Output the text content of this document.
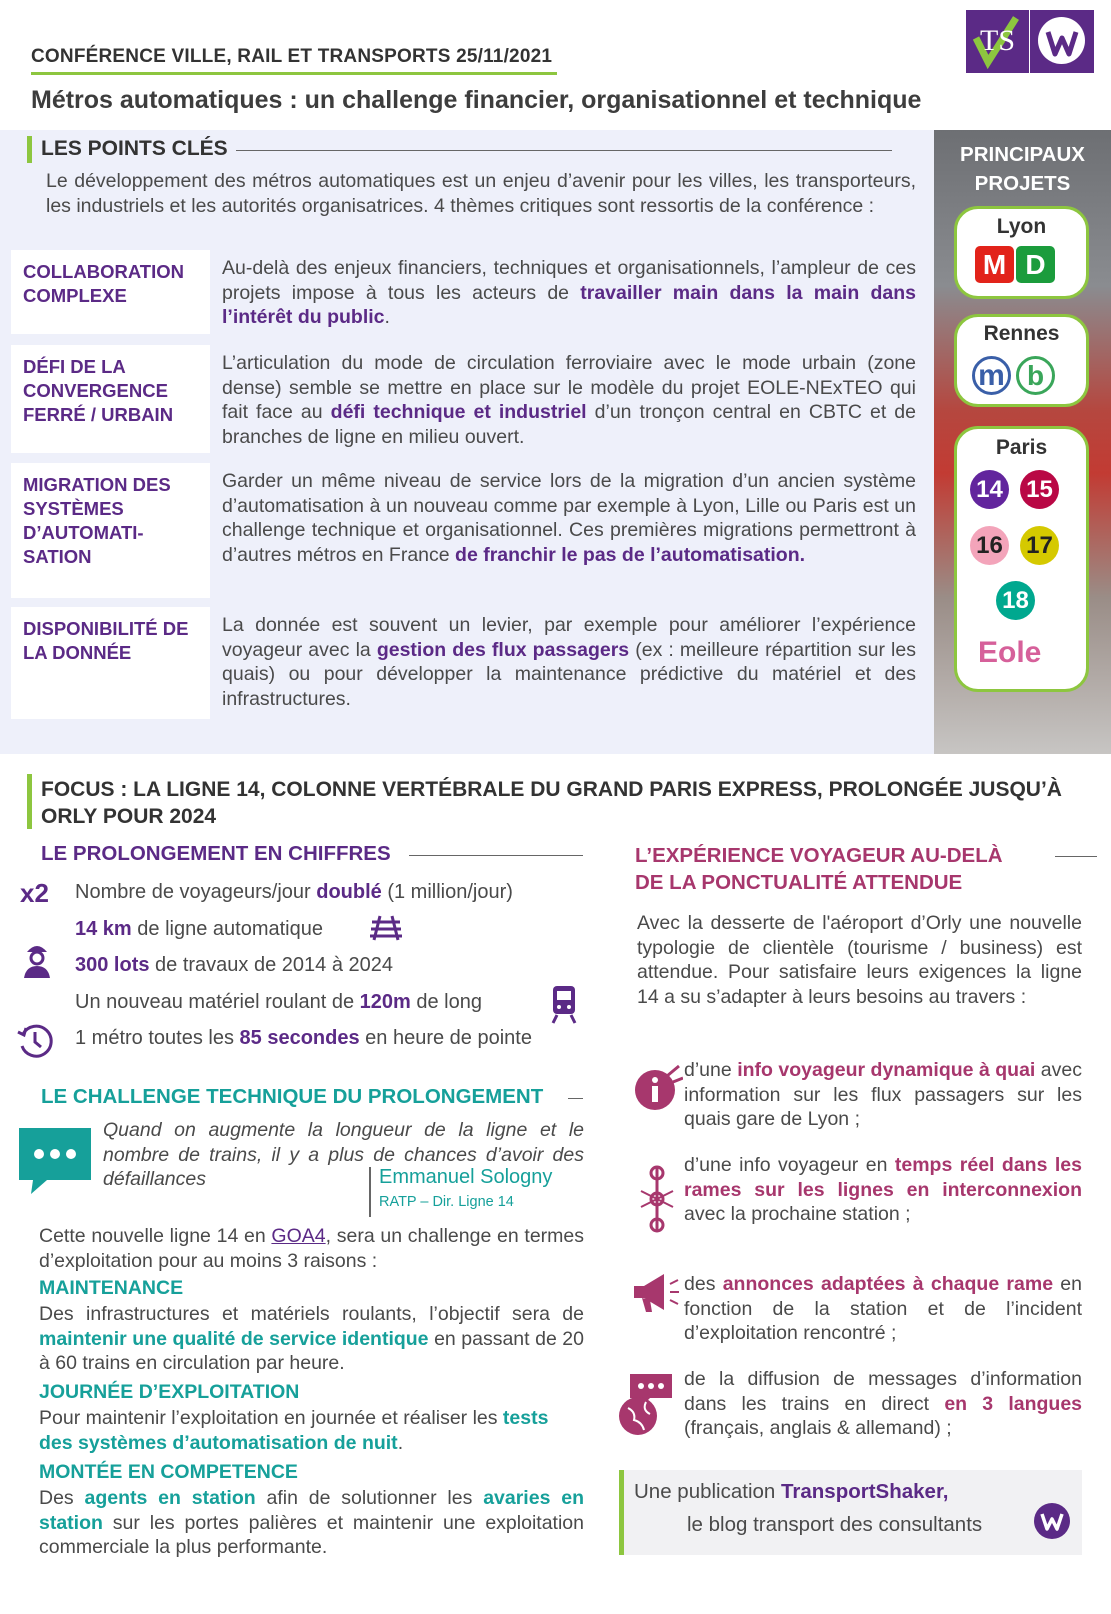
CONFÉRENCE VILLE, RAIL ET TRANSPORTS 25/11/2021
Métros automatiques : un challenge financier, organisationnel et technique
TS
LES POINTS CLÉS
Le développement des métros automatiques est un enjeu d’avenir pour les villes, les transporteurs, les industriels et les autorités organisatrices. 4 thèmes critiques sont ressortis de la conférence :
COLLABORATION COMPLEXE
Au-delà des enjeux financiers, techniques et organisationnels, l’ampleur de ces projets impose à tous les acteurs de travailler main dans la main dans l’intérêt du public.
DÉFI DE LA CONVERGENCE FERRÉ / URBAIN
L’articulation du mode de circulation ferroviaire avec le mode urbain (zone dense) semble se mettre en place sur le modèle du projet EOLE-NExTEO qui fait face au défi technique et industriel d’un tronçon central en CBTC et de branches de ligne en milieu ouvert.
MIGRATION DES SYSTÈMES D’AUTOMATI-SATION
Garder un même niveau de service lors de la migration d’un ancien système d’automatisation à un nouveau comme par exemple à Lyon, Lille ou Paris est un challenge technique et organisationnel. Ces premières migrations permettront à d’autres métros en France de franchir le pas de l’automatisation.
DISPONIBILITÉ DE LA DONNÉE
La donnée est souvent un levier, par exemple pour améliorer l’expérience voyageur avec la gestion des flux passagers (ex : meilleure répartition sur les quais) ou pour développer la maintenance prédictive du matériel et des infrastructures.
PRINCIPAUX
PROJETS
Lyon
M D
Rennes
m b
Paris
14 15
16 17
18
Eole
FOCUS : LA LIGNE 14, COLONNE VERTÉBRALE DU GRAND PARIS EXPRESS, PROLONGÉE JUSQU’À
ORLY POUR 2024
LE PROLONGEMENT EN CHIFFRES
x2 Nombre de voyageurs/jour doublé (1 million/jour)
14 km de ligne automatique
300 lots de travaux de 2014 à 2024
Un nouveau matériel roulant de 120m de long
1 métro toutes les 85 secondes en heure de pointe
LE CHALLENGE TECHNIQUE DU PROLONGEMENT
Quand on augmente la longueur de la ligne et le nombre de trains, il y a plus de chances d’avoir des défaillances	Emmanuel Sologny
RATP – Dir. Ligne 14
Cette nouvelle ligne 14 en GOA4, sera un challenge en termes d’exploitation pour au moins 3 raisons :
MAINTENANCE
Des infrastructures et matériels roulants, l’objectif sera de maintenir une qualité de service identique en passant de 20 à 60 trains en circulation par heure.
JOURNÉE D’EXPLOITATION
Pour maintenir l’exploitation en journée et réaliser les tests des systèmes d’automatisation de nuit.
MONTÉE EN COMPETENCE
Des agents en station afin de solutionner les avaries en station sur les portes palières et maintenir une exploitation commerciale la plus performante.
L’EXPÉRIENCE VOYAGEUR AU-DELÀ
DE LA PONCTUALITÉ ATTENDUE
Avec la desserte de l'aéroport d’Orly une nouvelle typologie de clientèle (tourisme / business) est attendue. Pour satisfaire leurs exigences la ligne 14 a su s’adapter à leurs besoins au travers :
d’une info voyageur dynamique à quai avec information sur les flux passagers sur les quais gare de Lyon ;
d’une info voyageur en temps réel dans les rames sur les lignes en interconnexion avec la prochaine station ;
des annonces adaptées à chaque rame en fonction de la station et de l’incident d’exploitation rencontré ;
de la diffusion de messages d’information dans les trains en direct en 3 langues (français, anglais & allemand) ;
Une publication TransportShaker,
le blog transport des consultants
